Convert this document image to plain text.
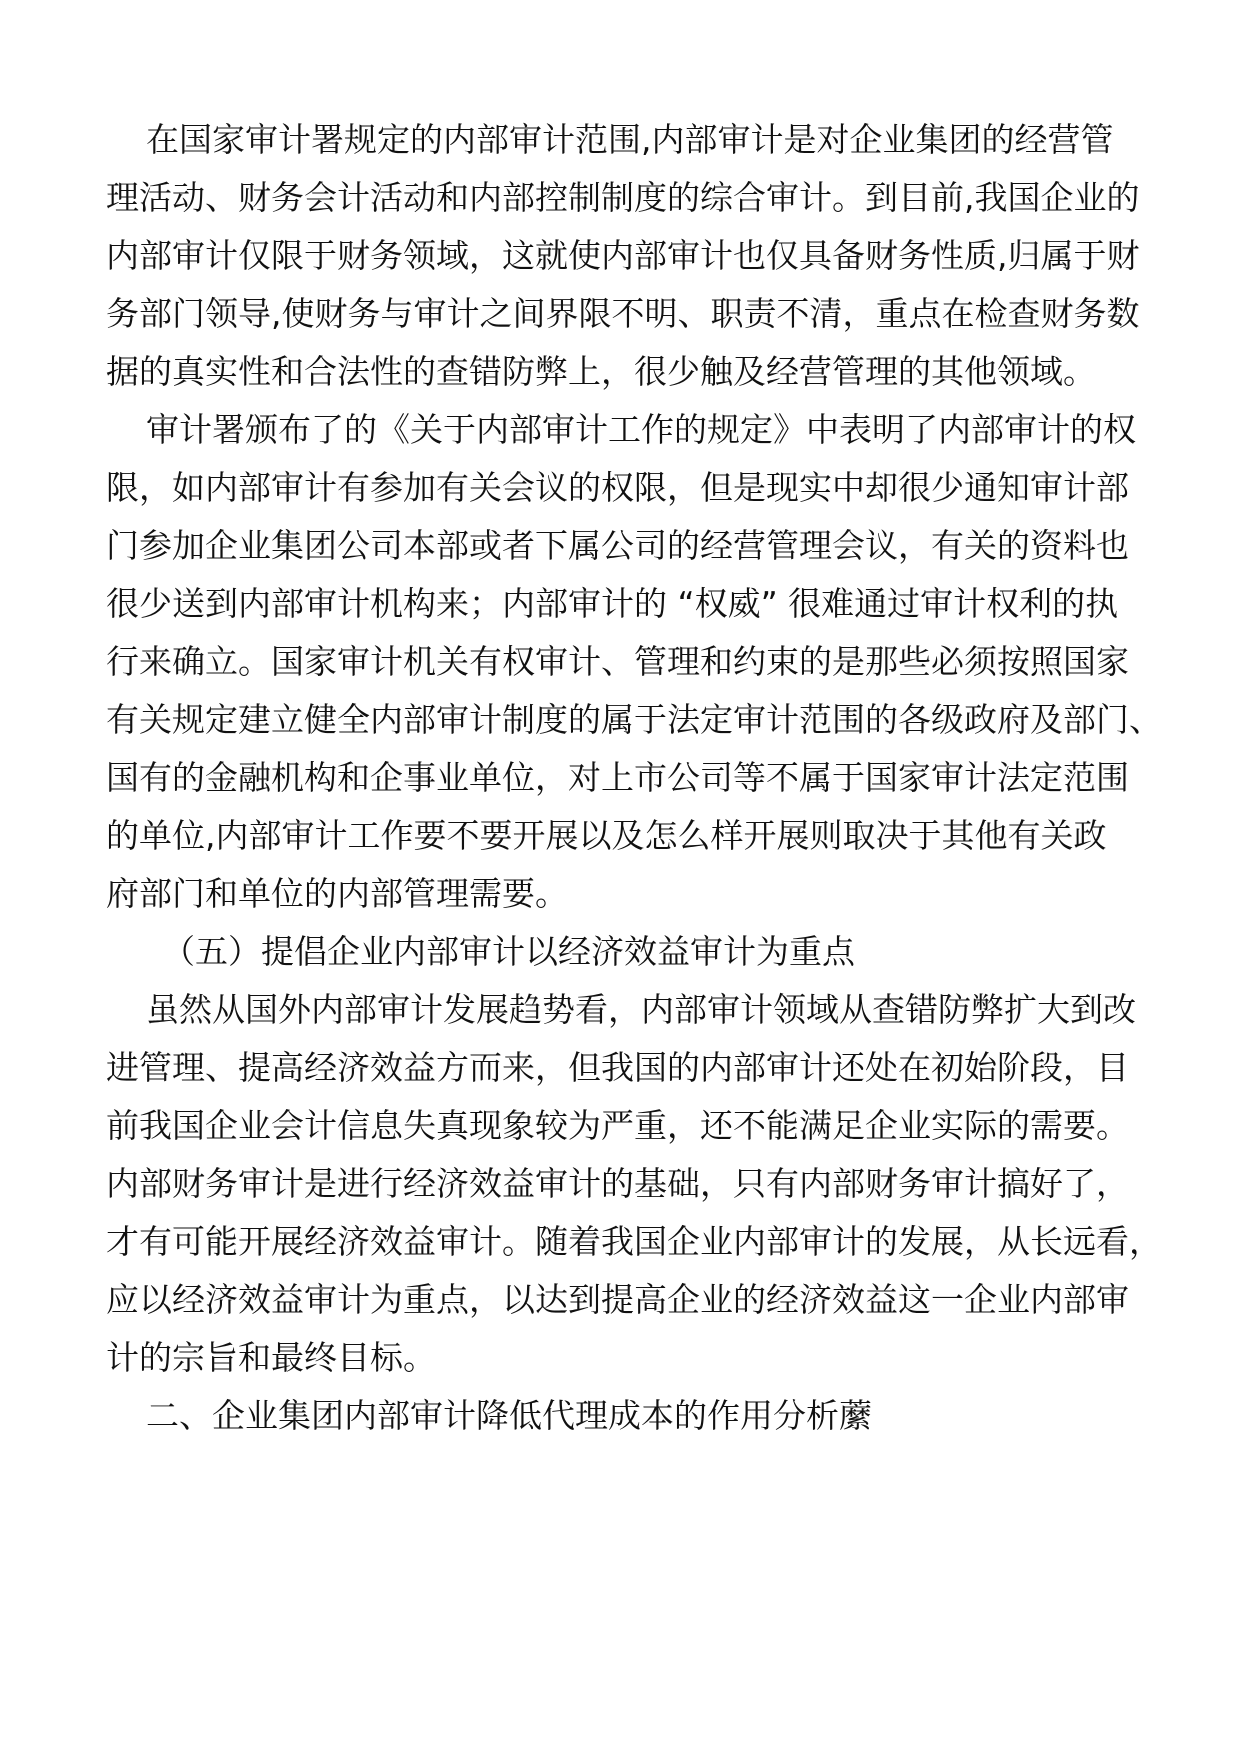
在国家审计署规定的内部审计范围,内部审计是对企业集团的经营管
理活动、财务会计活动和内部控制制度的综合审计。到目前,我国企业的
内部审计仅限于财务领域，这就使内部审计也仅具备财务性质,归属于财
务部门领导,使财务与审计之间界限不明、职责不清，重点在检查财务数
据的真实性和合法性的查错防弊上，很少触及经营管理的其他领域。
审计署颁布了的《关于内部审计工作的规定》中表明了内部审计的权
限，如内部审计有参加有关会议的权限，但是现实中却很少通知审计部
门参加企业集团公司本部或者下属公司的经营管理会议，有关的资料也
很少送到内部审计机构来；内部审计的 “权威” 很难通过审计权利的执
行来确立。国家审计机关有权审计、管理和约束的是那些必须按照国家
有关规定建立健全内部审计制度的属于法定审计范围的各级政府及部门、
国有的金融机构和企事业单位，对上市公司等不属于国家审计法定范围
的单位,内部审计工作要不要开展以及怎么样开展则取决于其他有关政
府部门和单位的内部管理需要。
（五）提倡企业内部审计以经济效益审计为重点
虽然从国外内部审计发展趋势看，内部审计领域从查错防弊扩大到改
进管理、提高经济效益方而来，但我国的内部审计还处在初始阶段，目
前我国企业会计信息失真现象较为严重，还不能满足企业实际的需要。
内部财务审计是进行经济效益审计的基础，只有内部财务审计搞好了，
才有可能开展经济效益审计。随着我国企业内部审计的发展，从长远看，
应以经济效益审计为重点，以达到提高企业的经济效益这一企业内部审
计的宗旨和最终目标。
二、企业集团内部审计降低代理成本的作用分析䕷
